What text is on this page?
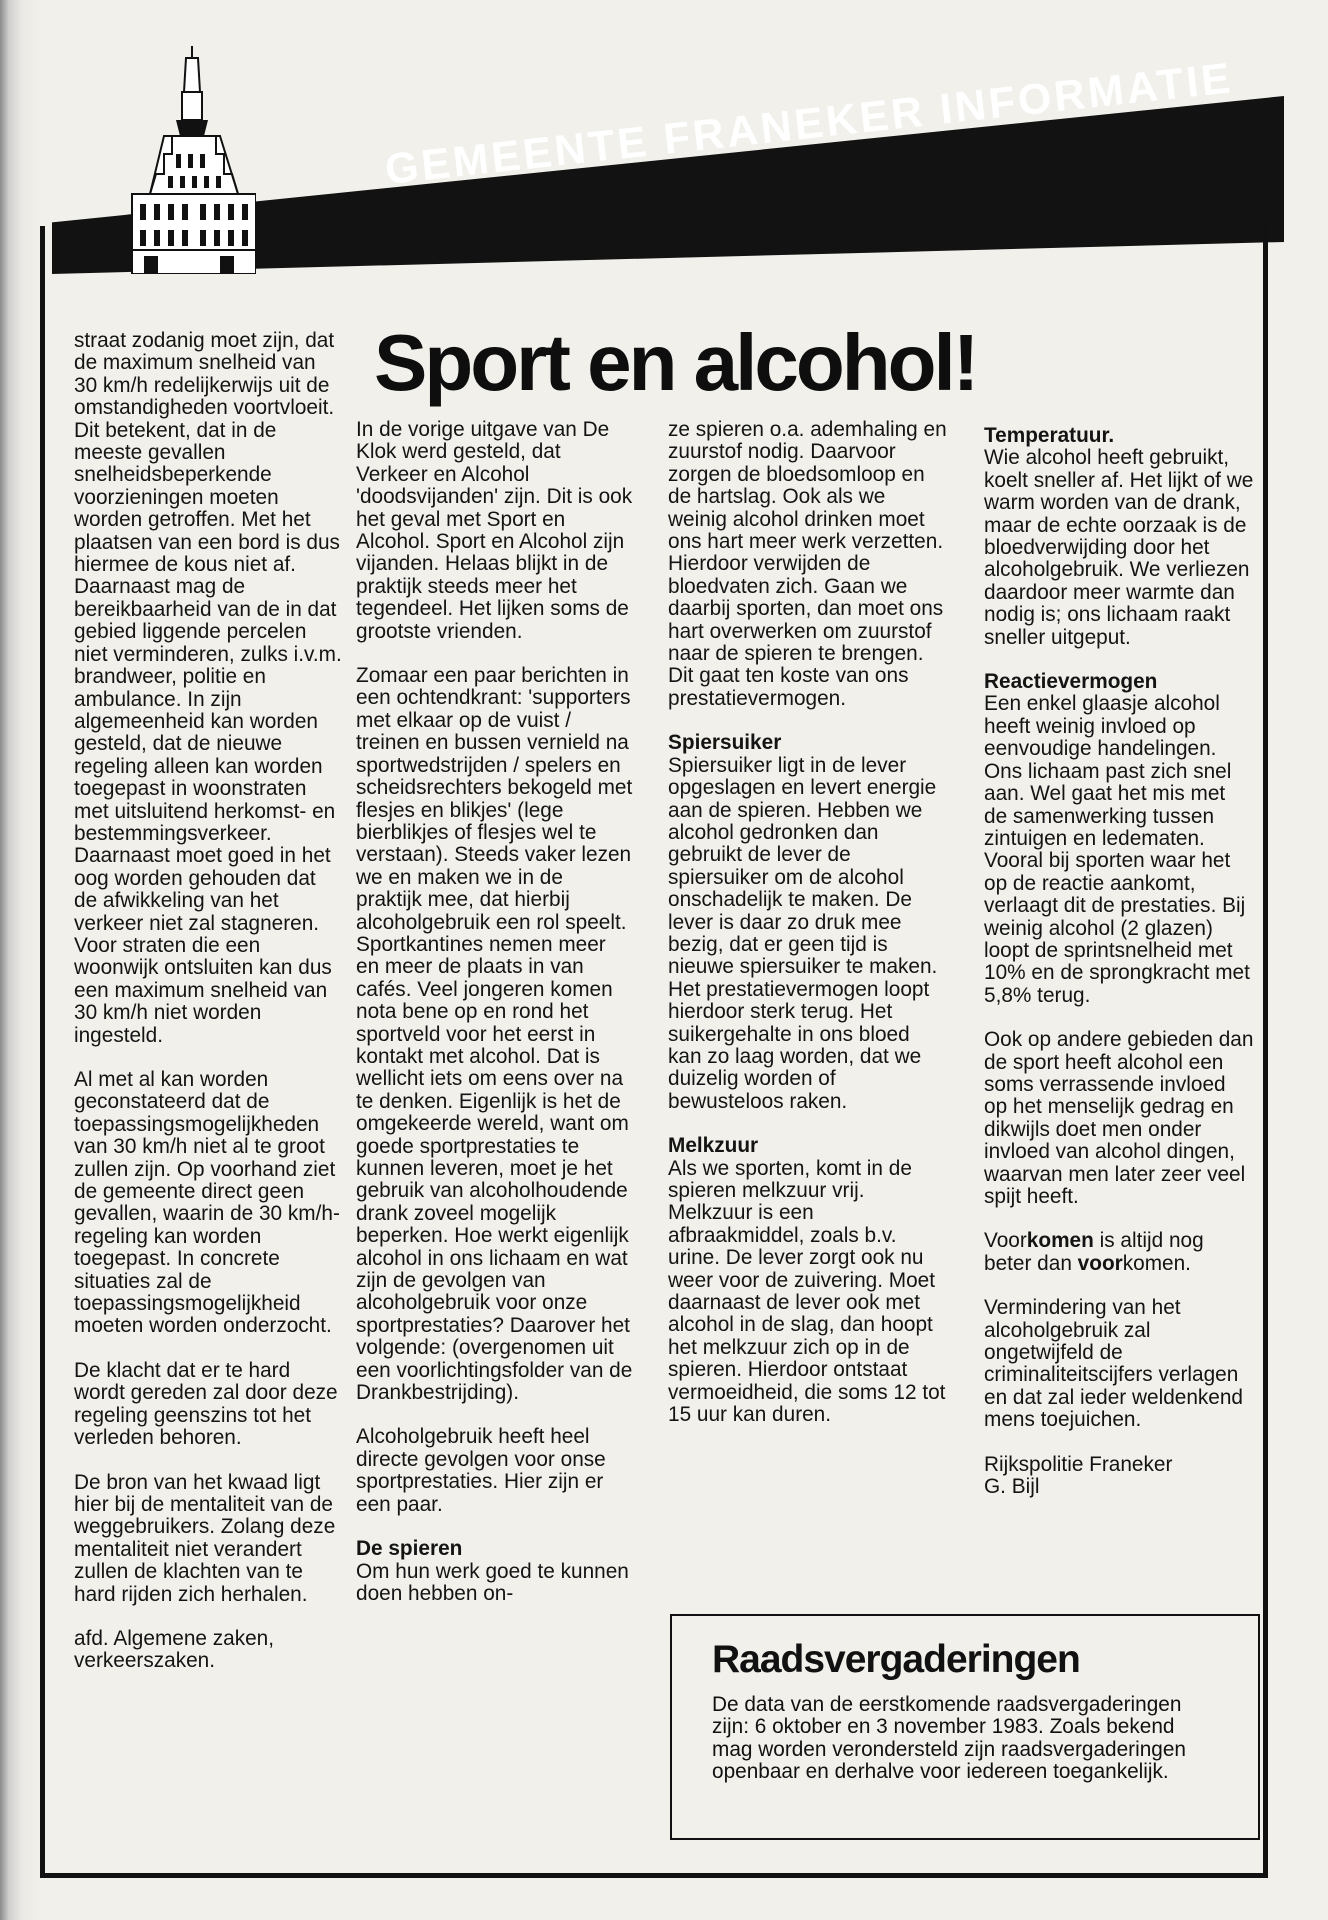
GEMEENTE FRANEKER INFORMATIE
Sport en alcohol!

straat zodanig moet zijn, dat de maximum snelheid van 30 km/h redelijkerwijs uit de omstandigheden voortvloeit. Dit betekent, dat in de meeste gevallen snelheidsbeperkende voorzieningen moeten worden getroffen. Met het plaatsen van een bord is dus hiermee de kous niet af. Daarnaast mag de bereikbaarheid van de in dat gebied liggende percelen niet verminderen, zulks i.v.m. brandweer, politie en ambulance. In zijn algemeenheid kan worden gesteld, dat de nieuwe regeling alleen kan worden toegepast in woonstraten met uitsluitend herkomst- en bestemmingsverkeer. Daarnaast moet goed in het oog worden gehouden dat de afwikkeling van het verkeer niet zal stagneren. Voor straten die een woonwijk ontsluiten kan dus een maximum snelheid van 30 km/h niet worden ingesteld.

Al met al kan worden geconstateerd dat de toepassingsmogelijkheden van 30 km/h niet al te groot zullen zijn. Op voorhand ziet de gemeente direct geen gevallen, waarin de 30 km/h-regeling kan worden toegepast. In concrete situaties zal de toepassingsmogelijkheid moeten worden onderzocht.

De klacht dat er te hard wordt gereden zal door deze regeling geenszins tot het verleden behoren.

De bron van het kwaad ligt hier bij de mentaliteit van de weggebruikers. Zolang deze mentaliteit niet verandert zullen de klachten van te hard rijden zich herhalen.

afd. Algemene zaken, verkeerszaken.

In de vorige uitgave van De Klok werd gesteld, dat Verkeer en Alcohol 'doodsvijanden' zijn. Dit is ook het geval met Sport en Alcohol. Sport en Alcohol zijn vijanden. Helaas blijkt in de praktijk steeds meer het tegendeel. Het lijken soms de grootste vrienden.

Zomaar een paar berichten in een ochtendkrant: 'supporters met elkaar op de vuist / treinen en bussen vernield na sportwedstrijden / spelers en scheidsrechters bekogeld met flesjes en blikjes' (lege bierblikjes of flesjes wel te verstaan). Steeds vaker lezen we en maken we in de praktijk mee, dat hierbij alcoholgebruik een rol speelt. Sportkantines nemen meer en meer de plaats in van cafés. Veel jongeren komen nota bene op en rond het sportveld voor het eerst in kontakt met alcohol. Dat is wellicht iets om eens over na te denken. Eigenlijk is het de omgekeerde wereld, want om goede sportprestaties te kunnen leveren, moet je het gebruik van alcoholhoudende drank zoveel mogelijk beperken. Hoe werkt eigenlijk alcohol in ons lichaam en wat zijn de gevolgen van alcoholgebruik voor onze sportprestaties? Daarover het volgende: (overgenomen uit een voorlichtingsfolder van de Drankbestrijding).

Alcoholgebruik heeft heel directe gevolgen voor onse sportprestaties. Hier zijn er een paar.

De spieren

Om hun werk goed te kunnen doen hebben on-

ze spieren o.a. ademhaling en zuurstof nodig. Daarvoor zorgen de bloedsomloop en de hartslag. Ook als we weinig alcohol drinken moet ons hart meer werk verzetten. Hierdoor verwijden de bloedvaten zich. Gaan we daarbij sporten, dan moet ons hart overwerken om zuurstof naar de spieren te brengen. Dit gaat ten koste van ons prestatievermogen.

Spiersuiker

Spiersuiker ligt in de lever opgeslagen en levert energie aan de spieren. Hebben we alcohol gedronken dan gebruikt de lever de spiersuiker om de alcohol onschadelijk te maken. De lever is daar zo druk mee bezig, dat er geen tijd is nieuwe spiersuiker te maken. Het prestatievermogen loopt hierdoor sterk terug. Het suikergehalte in ons bloed kan zo laag worden, dat we duizelig worden of bewusteloos raken.

Melkzuur

Als we sporten, komt in de spieren melkzuur vrij. Melkzuur is een afbraakmiddel, zoals b.v. urine. De lever zorgt ook nu weer voor de zuivering. Moet daarnaast de lever ook met alcohol in de slag, dan hoopt het melkzuur zich op in de spieren. Hierdoor ontstaat vermoeidheid, die soms 12 tot 15 uur kan duren.

Temperatuur.

Wie alcohol heeft gebruikt, koelt sneller af. Het lijkt of we warm worden van de drank, maar de echte oorzaak is de bloedverwijding door het alcoholgebruik. We verliezen daardoor meer warmte dan nodig is; ons lichaam raakt sneller uitgeput.

Reactievermogen

Een enkel glaasje alcohol heeft weinig invloed op eenvoudige handelingen. Ons lichaam past zich snel aan. Wel gaat het mis met de samenwerking tussen zintuigen en ledematen. Vooral bij sporten waar het op de reactie aankomt, verlaagt dit de prestaties. Bij weinig alcohol (2 glazen) loopt de sprintsnelheid met 10% en de sprongkracht met 5,8% terug.

Ook op andere gebieden dan de sport heeft alcohol een soms verrassende invloed op het menselijk gedrag en dikwijls doet men onder invloed van alcohol dingen, waarvan men later zeer veel spijt heeft.

Voorkomen is altijd nog beter dan voorkomen.

Vermindering van het alcoholgebruik zal ongetwijfeld de criminaliteitscijfers verlagen en dat zal ieder weldenkend mens toejuichen.

Rijkspolitie Franeker

G. Bijl

Raadsvergaderingen

De data van de eerstkomende raadsvergaderingen zijn: 6 oktober en 3 november 1983. Zoals bekend mag worden verondersteld zijn raadsvergaderingen openbaar en derhalve voor iedereen toegankelijk.
